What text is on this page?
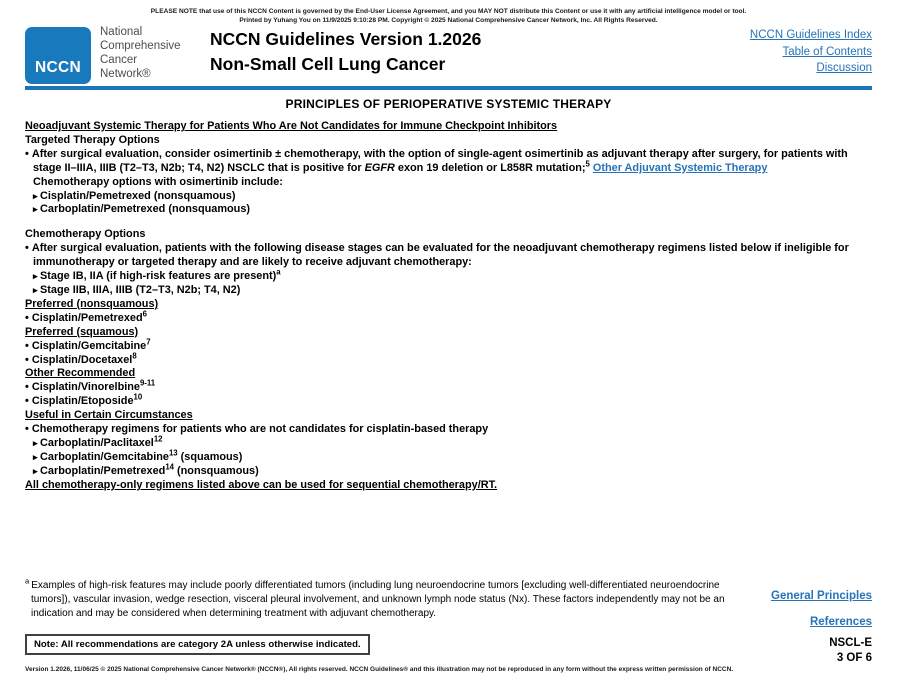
PLEASE NOTE that use of this NCCN Content is governed by the End-User License Agreement, and you MAY NOT distribute this Content or use it with any artificial intelligence model or tool.
Printed by Yuhang You on 11/9/2025 9:10:28 PM. Copyright © 2025 National Comprehensive Cancer Network, Inc. All Rights Reserved.
NCCN
National
Comprehensive
Cancer
Network®
NCCN Guidelines Version 1.2026
Non-Small Cell Lung Cancer
NCCN Guidelines Index
Table of Contents
Discussion
PRINCIPLES OF PERIOPERATIVE SYSTEMIC THERAPY
Neoadjuvant Systemic Therapy for Patients Who Are Not Candidates for Immune Checkpoint Inhibitors
Targeted Therapy Options
• After surgical evaluation, consider osimertinib ± chemotherapy, with the option of single-agent osimertinib as adjuvant therapy after surgery, for patients with stage II–IIIA, IIIB (T2–T3, N2b; T4, N2) NSCLC that is positive for EGFR exon 19 deletion or L858R mutation;$^5$ Other Adjuvant Systemic Therapy
Chemotherapy options with osimertinib include:
▸ Cisplatin/Pemetrexed (nonsquamous)
▸ Carboplatin/Pemetrexed (nonsquamous)
Chemotherapy Options
• After surgical evaluation, patients with the following disease stages can be evaluated for the neoadjuvant chemotherapy regimens listed below if ineligible for immunotherapy or targeted therapy and are likely to receive adjuvant chemotherapy:
▸ Stage IB, IIA (if high-risk features are present)$^a$
▸ Stage IIB, IIIA, IIIB (T2–T3, N2b; T4, N2)
Preferred (nonsquamous)
• Cisplatin/Pemetrexed$^6$
Preferred (squamous)
• Cisplatin/Gemcitabine$^7$
• Cisplatin/Docetaxel$^8$
Other Recommended
• Cisplatin/Vinorelbine$^{9-11}$
• Cisplatin/Etoposide$^{10}$
Useful in Certain Circumstances
• Chemotherapy regimens for patients who are not candidates for cisplatin-based therapy
▸ Carboplatin/Paclitaxel$^{12}$
▸ Carboplatin/Gemcitabine$^{13}$ (squamous)
▸ Carboplatin/Pemetrexed$^{14}$ (nonsquamous)
All chemotherapy-only regimens listed above can be used for sequential chemotherapy/RT.
$^a$ Examples of high-risk features may include poorly differentiated tumors (including lung neuroendocrine tumors [excluding well-differentiated neuroendocrine tumors]), vascular invasion, wedge resection, visceral pleural involvement, and unknown lymph node status (Nx). These factors independently may not be an indication and may be considered when determining treatment with adjuvant chemotherapy.
General Principles
References
Note: All recommendations are category 2A unless otherwise indicated.	NSCL-E
3 OF 6
Version 1.2026, 11/06/25 © 2025 National Comprehensive Cancer Network® (NCCN®), All rights reserved. NCCN Guidelines® and this illustration may not be reproduced in any form without the express written permission of NCCN.
